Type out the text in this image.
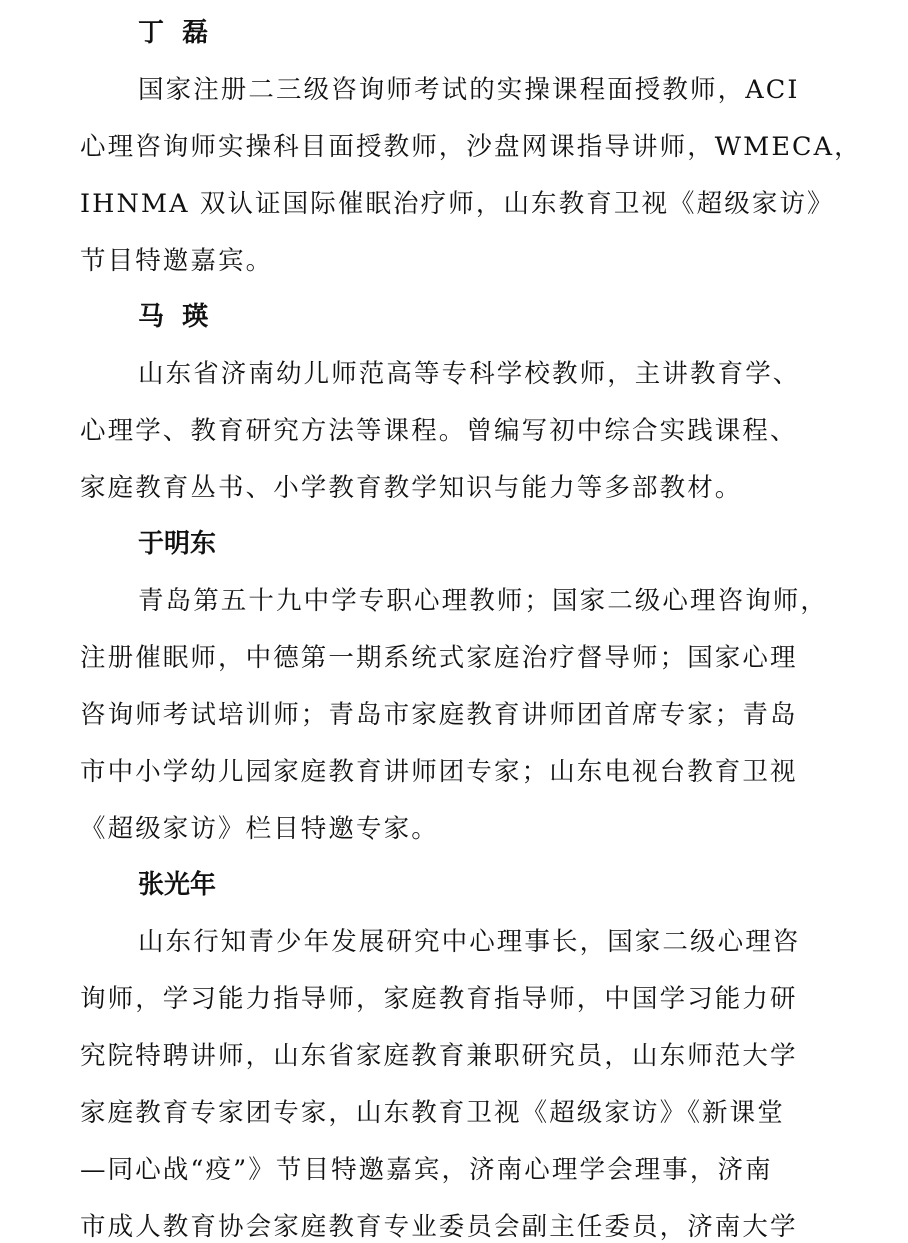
丁  磊
国家注册二三级咨询师考试的实操课程面授教师，ACI
心理咨询师实操科目面授教师，沙盘网课指导讲师，WMECA，
IHNMA 双认证国际催眠治疗师，山东教育卫视《超级家访》
节目特邀嘉宾。
马  瑛
山东省济南幼儿师范高等专科学校教师，主讲教育学、
心理学、教育研究方法等课程。曾编写初中综合实践课程、
家庭教育丛书、小学教育教学知识与能力等多部教材。
于明东
青岛第五十九中学专职心理教师；国家二级心理咨询师，
注册催眠师，中德第一期系统式家庭治疗督导师；国家心理
咨询师考试培训师；青岛市家庭教育讲师团首席专家；青岛
市中小学幼儿园家庭教育讲师团专家；山东电视台教育卫视
《超级家访》栏目特邀专家。
张光年
山东行知青少年发展研究中心理事长，国家二级心理咨
询师，学习能力指导师，家庭教育指导师，中国学习能力研
究院特聘讲师，山东省家庭教育兼职研究员，山东师范大学
家庭教育专家团专家，山东教育卫视《超级家访》《新课堂
—同心战“疫”》节目特邀嘉宾，济南心理学会理事，济南
市成人教育协会家庭教育专业委员会副主任委员，济南大学
